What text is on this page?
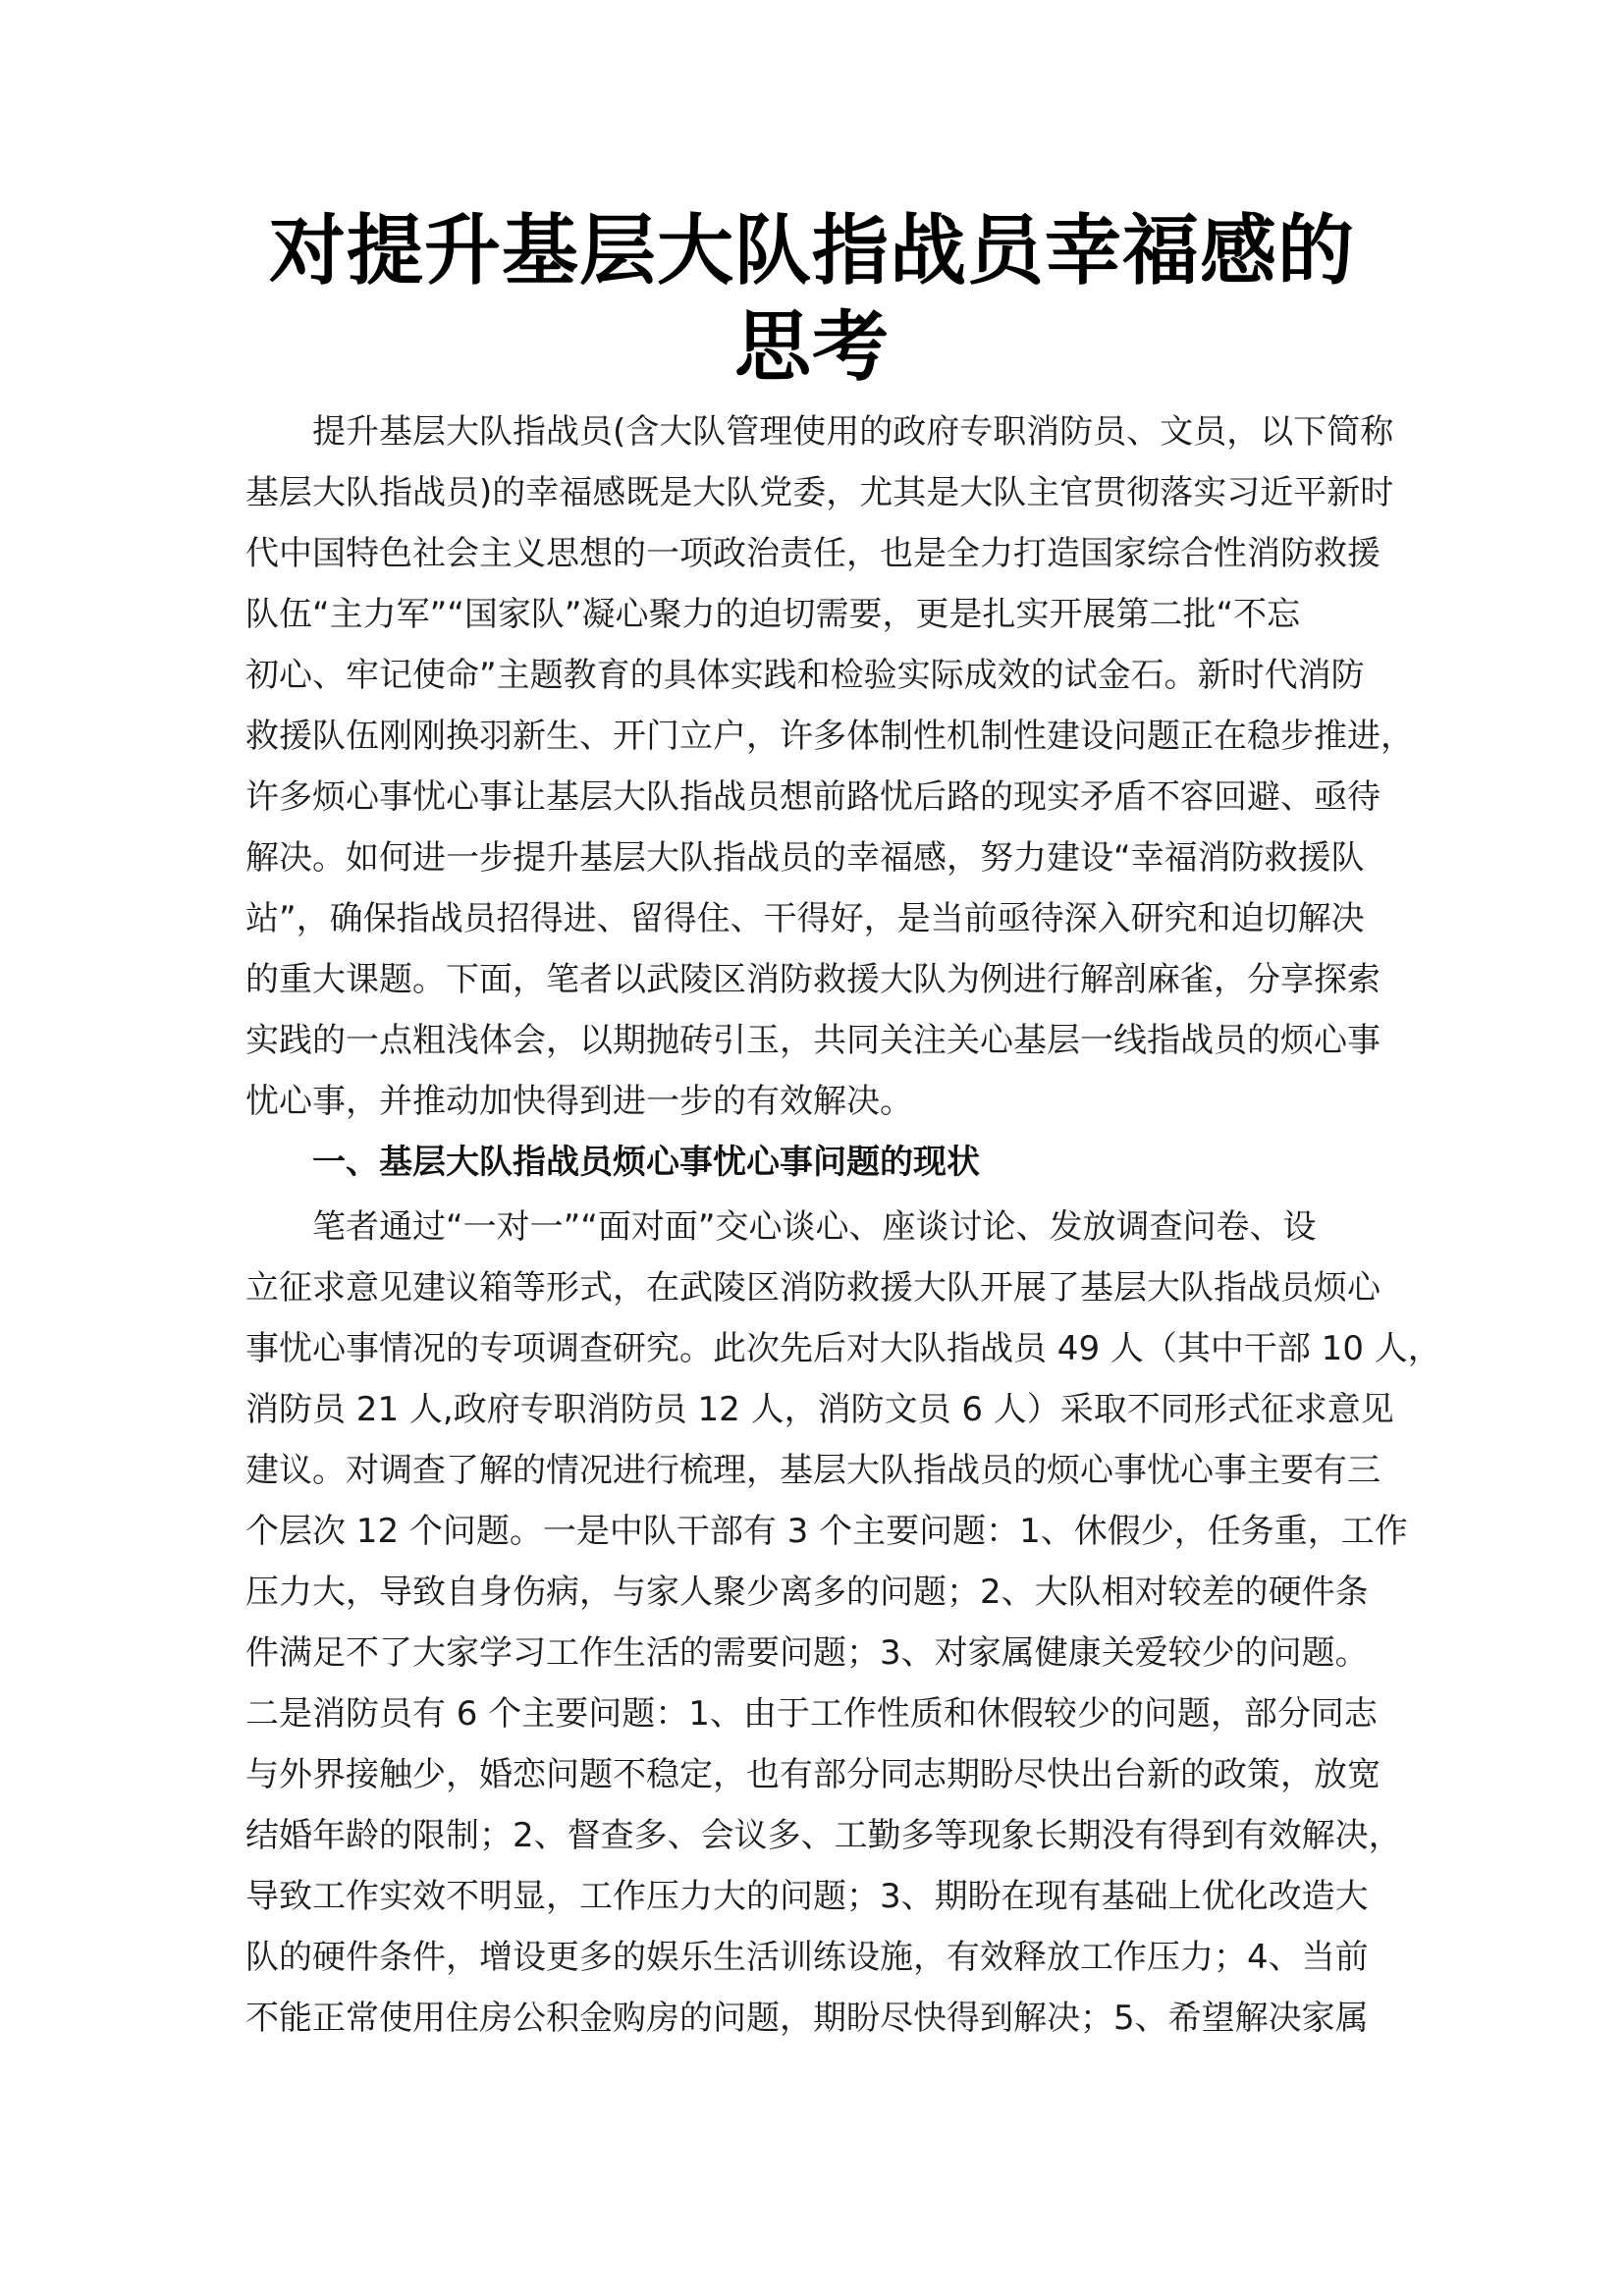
对提升基层大队指战员幸福感的
思考
　　提升基层大队指战员(含大队管理使用的政府专职消防员、文员，以下简称
基层大队指战员)的幸福感既是大队党委，尤其是大队主官贯彻落实习近平新时
代中国特色社会主义思想的一项政治责任，也是全力打造国家综合性消防救援
队伍“主力军”“国家队”凝心聚力的迫切需要，更是扎实开展第二批“不忘
初心、牢记使命”主题教育的具体实践和检验实际成效的试金石。新时代消防
救援队伍刚刚换羽新生、开门立户，许多体制性机制性建设问题正在稳步推进，
许多烦心事忧心事让基层大队指战员想前路忧后路的现实矛盾不容回避、亟待
解决。如何进一步提升基层大队指战员的幸福感，努力建设“幸福消防救援队
站”，确保指战员招得进、留得住、干得好，是当前亟待深入研究和迫切解决
的重大课题。下面，笔者以武陵区消防救援大队为例进行解剖麻雀，分享探索
实践的一点粗浅体会，以期抛砖引玉，共同关注关心基层一线指战员的烦心事
忧心事，并推动加快得到进一步的有效解决。
　　一、基层大队指战员烦心事忧心事问题的现状
　　笔者通过“一对一”“面对面”交心谈心、座谈讨论、发放调查问卷、设
立征求意见建议箱等形式，在武陵区消防救援大队开展了基层大队指战员烦心
事忧心事情况的专项调查研究。此次先后对大队指战员 49 人（其中干部 10 人，
消防员 21 人,政府专职消防员 12 人，消防文员 6 人）采取不同形式征求意见
建议。对调查了解的情况进行梳理，基层大队指战员的烦心事忧心事主要有三
个层次 12 个问题。一是中队干部有 3 个主要问题：1、休假少，任务重，工作
压力大，导致自身伤病，与家人聚少离多的问题；2、大队相对较差的硬件条
件满足不了大家学习工作生活的需要问题；3、对家属健康关爱较少的问题。
二是消防员有 6 个主要问题：1、由于工作性质和休假较少的问题，部分同志
与外界接触少，婚恋问题不稳定，也有部分同志期盼尽快出台新的政策，放宽
结婚年龄的限制；2、督查多、会议多、工勤多等现象长期没有得到有效解决，
导致工作实效不明显，工作压力大的问题；3、期盼在现有基础上优化改造大
队的硬件条件，增设更多的娱乐生活训练设施，有效释放工作压力；4、当前
不能正常使用住房公积金购房的问题，期盼尽快得到解决；5、希望解决家属
